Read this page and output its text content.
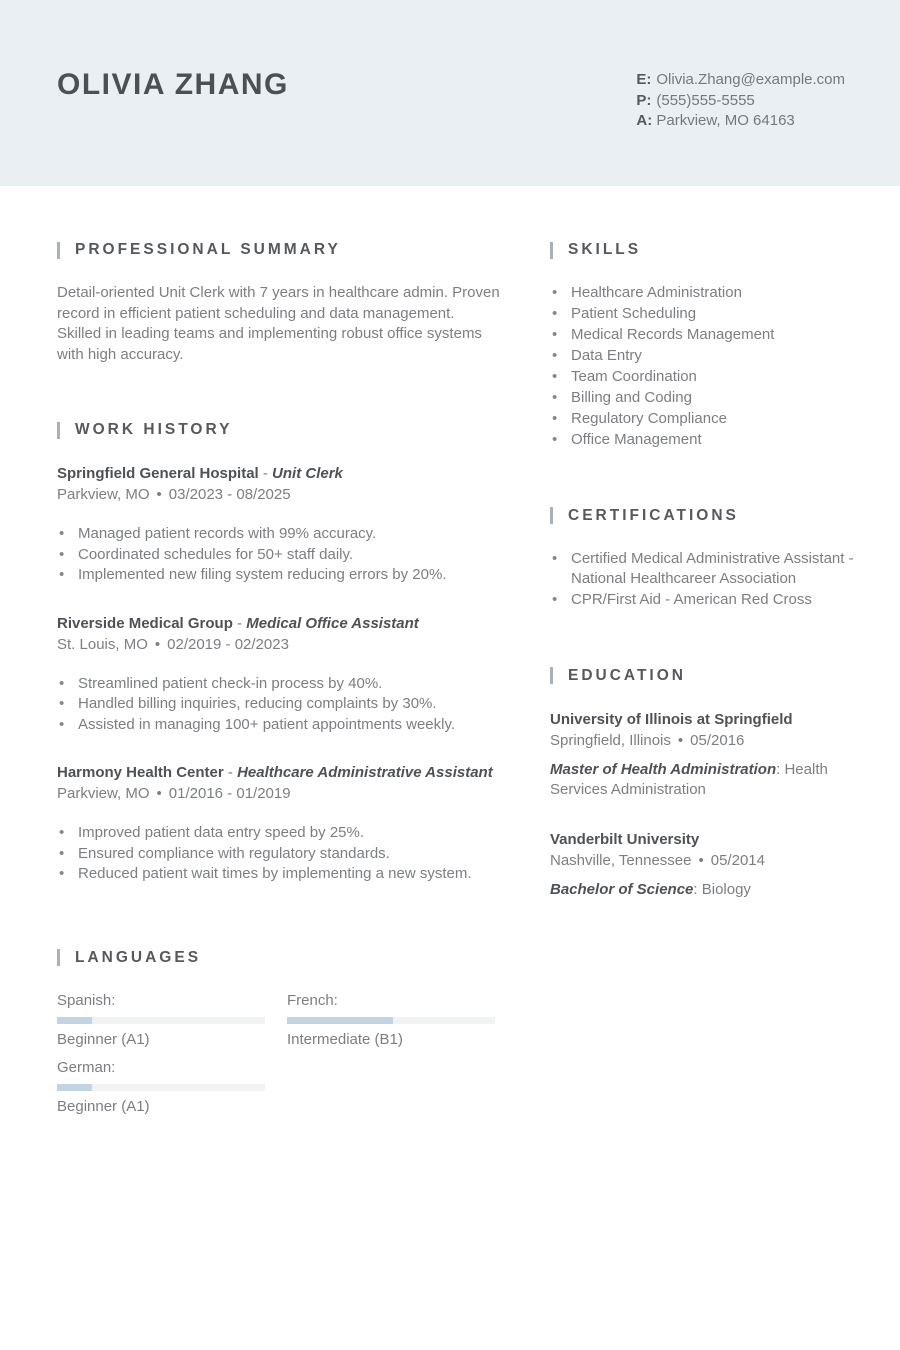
OLIVIA ZHANG	E: Olivia.Zhang@example.com
P: (555)555-5555
A: Parkview, MO 64163
PROFESSIONAL SUMMARY

Detail-oriented Unit Clerk with 7 years in healthcare admin. Proven record in efficient patient scheduling and data management. Skilled in leading teams and implementing robust office systems with high accuracy.

WORK HISTORY
Springfield General Hospital - Unit Clerk
Parkview, MO • 03/2023 - 08/2025
• Managed patient records with 99% accuracy.
• Coordinated schedules for 50+ staff daily.
• Implemented new filing system reducing errors by 20%.
Riverside Medical Group - Medical Office Assistant
St. Louis, MO • 02/2019 - 02/2023
• Streamlined patient check-in process by 40%.
• Handled billing inquiries, reducing complaints by 30%.
• Assisted in managing 100+ patient appointments weekly.
Harmony Health Center - Healthcare Administrative Assistant
Parkview, MO • 01/2016 - 01/2019
• Improved patient data entry speed by 25%.
• Ensured compliance with regulatory standards.
• Reduced patient wait times by implementing a new system.
LANGUAGES
Spanish:
Beginner (A1)
French:
Intermediate (B1)
German:
Beginner (A1)
SKILLS
• Healthcare Administration
• Patient Scheduling
• Medical Records Management
• Data Entry
• Team Coordination
• Billing and Coding
• Regulatory Compliance
• Office Management
CERTIFICATIONS
• Certified Medical Administrative Assistant - National Healthcareer Association
• CPR/First Aid - American Red Cross
EDUCATION
University of Illinois at Springfield
Springfield, Illinois • 05/2016
Master of Health Administration: Health Services Administration
Vanderbilt University
Nashville, Tennessee • 05/2014
Bachelor of Science: Biology
